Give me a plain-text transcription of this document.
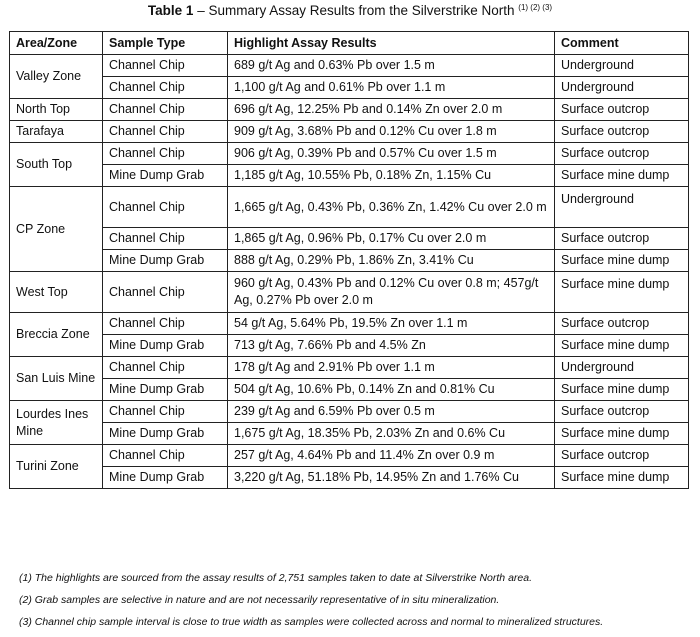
Table 1 – Summary Assay Results from the Silverstrike North $^{(1) (2) (3)}$
Area/Zone	Sample Type	Highlight Assay Results	Comment
Valley Zone	Channel Chip	689 g/t Ag and 0.63% Pb over 1.5 m	Underground
	Channel Chip	1,100 g/t Ag and 0.61% Pb over 1.1 m	Underground
North Top	Channel Chip	696 g/t Ag, 12.25% Pb and 0.14% Zn over 2.0 m	Surface outcrop
Tarafaya	Channel Chip	909 g/t Ag, 3.68% Pb and 0.12% Cu over 1.8 m	Surface outcrop
South Top	Channel Chip	906 g/t Ag, 0.39% Pb and 0.57% Cu over 1.5 m	Surface outcrop
	Mine Dump Grab	1,185 g/t Ag, 10.55% Pb, 0.18% Zn, 1.15% Cu	Surface mine dump
CP Zone	Channel Chip	1,665 g/t Ag, 0.43% Pb, 0.36% Zn, 1.42% Cu over 2.0 m	Underground
	Channel Chip	1,865 g/t Ag, 0.96% Pb, 0.17% Cu over 2.0 m	Surface outcrop
	Mine Dump Grab	888 g/t Ag, 0.29% Pb, 1.86% Zn, 3.41% Cu	Surface mine dump
West Top	Channel Chip	960 g/t Ag, 0.43% Pb and 0.12% Cu over 0.8 m; 457g/t Ag, 0.27% Pb over 2.0 m	Surface mine dump
Breccia Zone	Channel Chip	54 g/t Ag, 5.64% Pb, 19.5% Zn over 1.1 m	Surface outcrop
	Mine Dump Grab	713 g/t Ag, 7.66% Pb and 4.5% Zn	Surface mine dump
San Luis Mine	Channel Chip	178 g/t Ag and 2.91% Pb over 1.1 m	Underground
	Mine Dump Grab	504 g/t Ag, 10.6% Pb, 0.14% Zn and 0.81% Cu	Surface mine dump
Lourdes Ines Mine	Channel Chip	239 g/t Ag and 6.59% Pb over 0.5 m	Surface outcrop
	Mine Dump Grab	1,675 g/t Ag, 18.35% Pb, 2.03% Zn and 0.6% Cu	Surface mine dump
Turini Zone	Channel Chip	257 g/t Ag, 4.64% Pb and 11.4% Zn over 0.9 m	Surface outcrop
	Mine Dump Grab	3,220 g/t Ag, 51.18% Pb, 14.95% Zn and 1.76% Cu	Surface mine dump
(1) The highlights are sourced from the assay results of 2,751 samples taken to date at Silverstrike North area.
(2) Grab samples are selective in nature and are not necessarily representative of in situ mineralization.
(3) Channel chip sample interval is close to true width as samples were collected across and normal to mineralized structures.
